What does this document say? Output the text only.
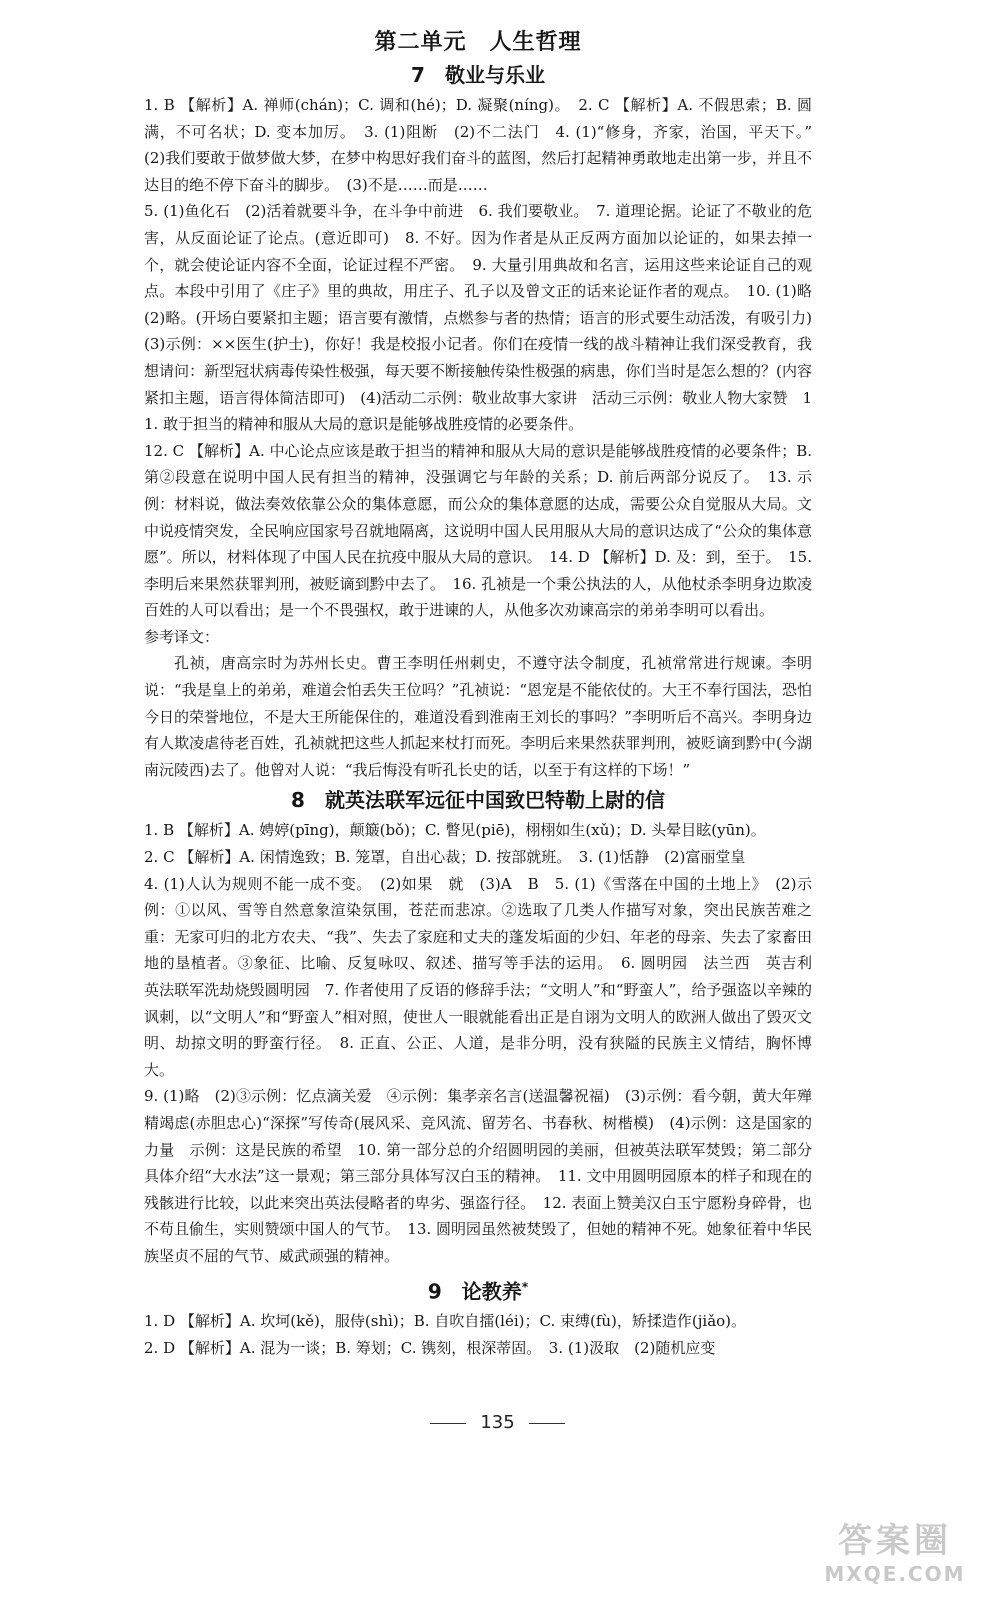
第二单元　人生哲理
7　敬业与乐业

1. B 【解析】A. 禅师(chán)；C. 调和(hé)；D. 凝聚(níng)。　2. C 【解析】A. 不假思索；B. 圆满，不可名状；D. 变本加厉。　3. (1)阻断　(2)不二法门　4. (1)“修身，齐家，治国，平天下。”　(2)我们要敢于做梦做大梦，在梦中构思好我们奋斗的蓝图，然后打起精神勇敢地走出第一步，并且不达目的绝不停下奋斗的脚步。　(3)不是……而是……

5. (1)鱼化石　(2)活着就要斗争，在斗争中前进　6. 我们要敬业。　7. 道理论据。论证了不敬业的危害，从反面论证了论点。(意近即可)　8. 不好。因为作者是从正反两方面加以论证的，如果去掉一个，就会使论证内容不全面，论证过程不严密。　9. 大量引用典故和名言，运用这些来论证自己的观点。本段中引用了《庄子》里的典故，用庄子、孔子以及曾文正的话来论证作者的观点。　10. (1)略　(2)略。(开场白要紧扣主题；语言要有激情，点燃参与者的热情；语言的形式要生动活泼，有吸引力)　(3)示例：××医生(护士)，你好！我是校报小记者。你们在疫情一线的战斗精神让我们深受教育，我想请问：新型冠状病毒传染性极强，每天要不断接触传染性极强的病患，你们当时是怎么想的？(内容紧扣主题，语言得体简洁即可)　(4)活动二示例：敬业故事大家讲　活动三示例：敬业人物大家赞　11. 敢于担当的精神和服从大局的意识是能够战胜疫情的必要条件。

12. C 【解析】A. 中心论点应该是敢于担当的精神和服从大局的意识是能够战胜疫情的必要条件；B. 第②段意在说明中国人民有担当的精神，没强调它与年龄的关系；D. 前后两部分说反了。　13. 示例：材料说，做法奏效依靠公众的集体意愿，而公众的集体意愿的达成，需要公众自觉服从大局。文中说疫情突发，全民响应国家号召就地隔离，这说明中国人民用服从大局的意识达成了“公众的集体意愿”。所以，材料体现了中国人民在抗疫中服从大局的意识。　14. D 【解析】D. 及：到，至于。　15. 李明后来果然获罪判刑，被贬谪到黔中去了。　16. 孔祯是一个秉公执法的人，从他杖杀李明身边欺凌百姓的人可以看出；是一个不畏强权，敢于进谏的人，从他多次劝谏高宗的弟弟李明可以看出。

参考译文：

孔祯，唐高宗时为苏州长史。曹王李明任州刺史，不遵守法令制度，孔祯常常进行规谏。李明说：“我是皇上的弟弟，难道会怕丢失王位吗？”孔祯说：“恩宠是不能依仗的。大王不奉行国法，恐怕今日的荣誉地位，不是大王所能保住的，难道没看到淮南王刘长的事吗？”李明听后不高兴。李明身边有人欺凌虐待老百姓，孔祯就把这些人抓起来杖打而死。李明后来果然获罪判刑，被贬谪到黔中(今湖南沅陵西)去了。他曾对人说：“我后悔没有听孔长史的话，以至于有这样的下场！”

8　就英法联军远征中国致巴特勒上尉的信

1. B 【解析】A. 娉婷(pīng)，颠簸(bǒ)；C. 瞥见(piē)，栩栩如生(xǔ)；D. 头晕目眩(yūn)。

2. C 【解析】A. 闲情逸致；B. 笼罩，自出心裁；D. 按部就班。　3. (1)恬静　(2)富丽堂皇

4. (1)人认为规则不能一成不变。　(2)如果　就　(3)A　B　5. (1)《雪落在中国的土地上》　(2)示例：①以风、雪等自然意象渲染氛围，苍茫而悲凉。②选取了几类人作描写对象，突出民族苦难之重：无家可归的北方农夫、“我”、失去了家庭和丈夫的蓬发垢面的少妇、年老的母亲、失去了家畜田地的垦植者。③象征、比喻、反复咏叹、叙述、描写等手法的运用。　6. 圆明园　法兰西　英吉利　英法联军洗劫烧毁圆明园　7. 作者使用了反语的修辞手法；“文明人”和“野蛮人”，给予强盗以辛辣的讽刺，以“文明人”和“野蛮人”相对照，使世人一眼就能看出正是自诩为文明人的欧洲人做出了毁灭文明、劫掠文明的野蛮行径。　8. 正直、公正、人道，是非分明，没有狭隘的民族主义情结，胸怀博大。

9. (1)略　(2)③示例：忆点滴关爱　④示例：集孝亲名言(送温馨祝福)　(3)示例：看今朝，黄大年殚精竭虑(赤胆忠心)“深探”写传奇(展风采、竞风流、留芳名、书春秋、树楷模)　(4)示例：这是国家的力量　示例：这是民族的希望　10. 第一部分总的介绍圆明园的美丽，但被英法联军焚毁；第二部分具体介绍“大水法”这一景观；第三部分具体写汉白玉的精神。　11. 文中用圆明园原本的样子和现在的残骸进行比较，以此来突出英法侵略者的卑劣、强盗行径。　12. 表面上赞美汉白玉宁愿粉身碎骨，也不苟且偷生，实则赞颂中国人的气节。　13. 圆明园虽然被焚毁了，但她的精神不死。她象征着中华民族坚贞不屈的气节、威武顽强的精神。

9　论教养*

1. D 【解析】A. 坎坷(kě)，服侍(shì)；B. 自吹自擂(léi)；C. 束缚(fù)，矫揉造作(jiǎo)。

2. D 【解析】A. 混为一谈；B. 筹划；C. 镌刻，根深蒂固。　3. (1)汲取　(2)随机应变

135
答案圈
MXQE.COM
